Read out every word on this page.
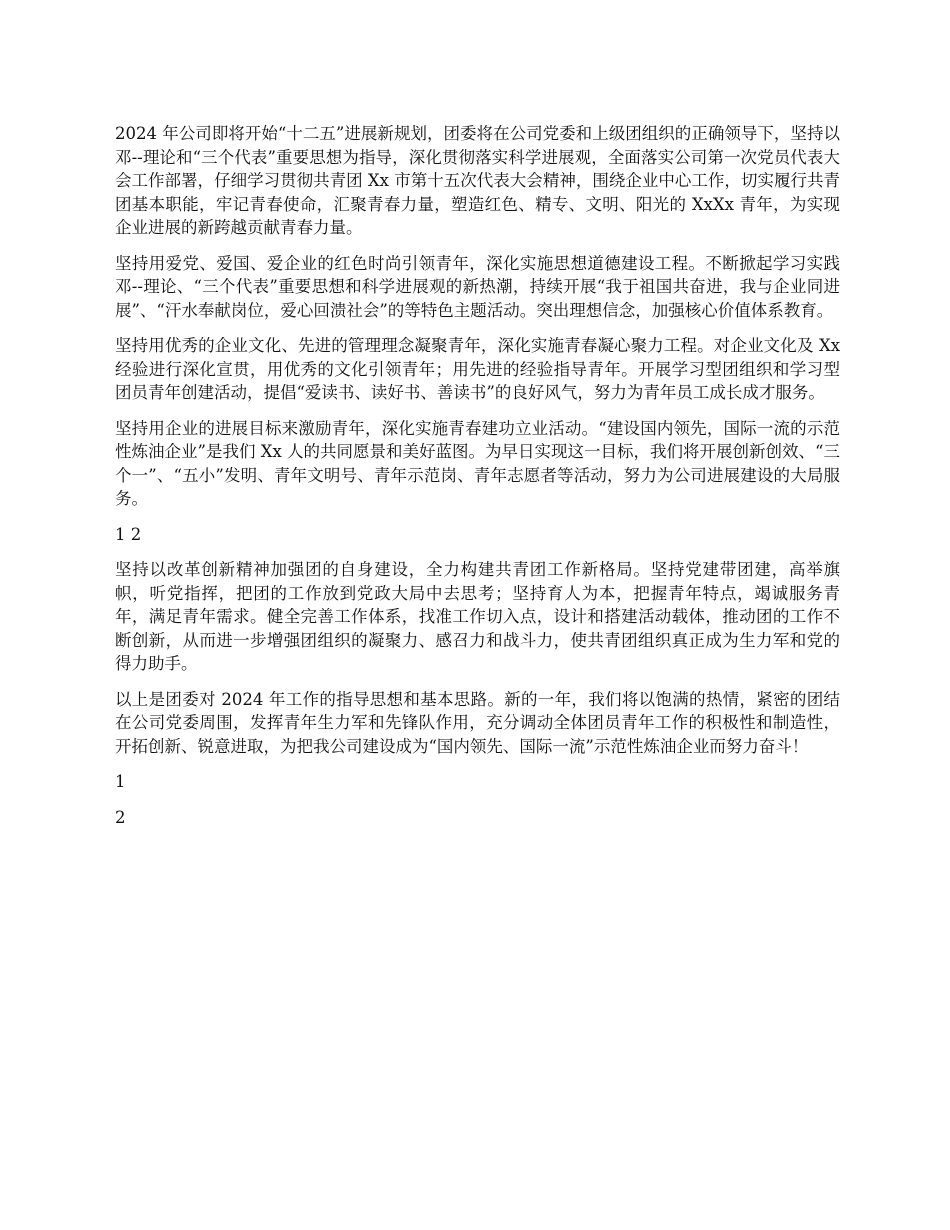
2024 年公司即将开始“十二五”进展新规划，团委将在公司党委和上级团组织的正确领导下，坚持以邓--理论和“三个代表”重要思想为指导，深化贯彻落实科学进展观，全面落实公司第一次党员代表大会工作部署，仔细学习贯彻共青团 Xx 市第十五次代表大会精神，围绕企业中心工作，切实履行共青团基本职能，牢记青春使命，汇聚青春力量，塑造红色、精专、文明、阳光的 XxXx 青年，为实现企业进展的新跨越贡献青春力量。

坚持用爱党、爱国、爱企业的红色时尚引领青年，深化实施思想道德建设工程。不断掀起学习实践邓--理论、“三个代表”重要思想和科学进展观的新热潮，持续开展“我于祖国共奋进，我与企业同进展”、“汗水奉献岗位，爱心回溃社会”的等特色主题活动。突出理想信念，加强核心价值体系教育。

坚持用优秀的企业文化、先进的管理理念凝聚青年，深化实施青春凝心聚力工程。对企业文化及 Xx 经验进行深化宣贯，用优秀的文化引领青年；用先进的经验指导青年。开展学习型团组织和学习型团员青年创建活动，提倡“爱读书、读好书、善读书”的良好风气，努力为青年员工成长成才服务。

坚持用企业的进展目标来激励青年，深化实施青春建功立业活动。“建设国内领先，国际一流的示范性炼油企业”是我们 Xx 人的共同愿景和美好蓝图。为早日实现这一目标，我们将开展创新创效、“三个一”、“五小”发明、青年文明号、青年示范岗、青年志愿者等活动，努力为公司进展建设的大局服务。

1 2

坚持以改革创新精神加强团的自身建设，全力构建共青团工作新格局。坚持党建带团建，高举旗帜，听党指挥，把团的工作放到党政大局中去思考；坚持育人为本，把握青年特点，竭诚服务青年，满足青年需求。健全完善工作体系，找准工作切入点，设计和搭建活动载体，推动团的工作不断创新，从而进一步增强团组织的凝聚力、感召力和战斗力，使共青团组织真正成为生力军和党的得力助手。

以上是团委对 2024 年工作的指导思想和基本思路。新的一年，我们将以饱满的热情，紧密的团结在公司党委周围，发挥青年生力军和先锋队作用，充分调动全体团员青年工作的积极性和制造性，开拓创新、锐意进取，为把我公司建设成为“国内领先、国际一流”示范性炼油企业而努力奋斗！

1

2
